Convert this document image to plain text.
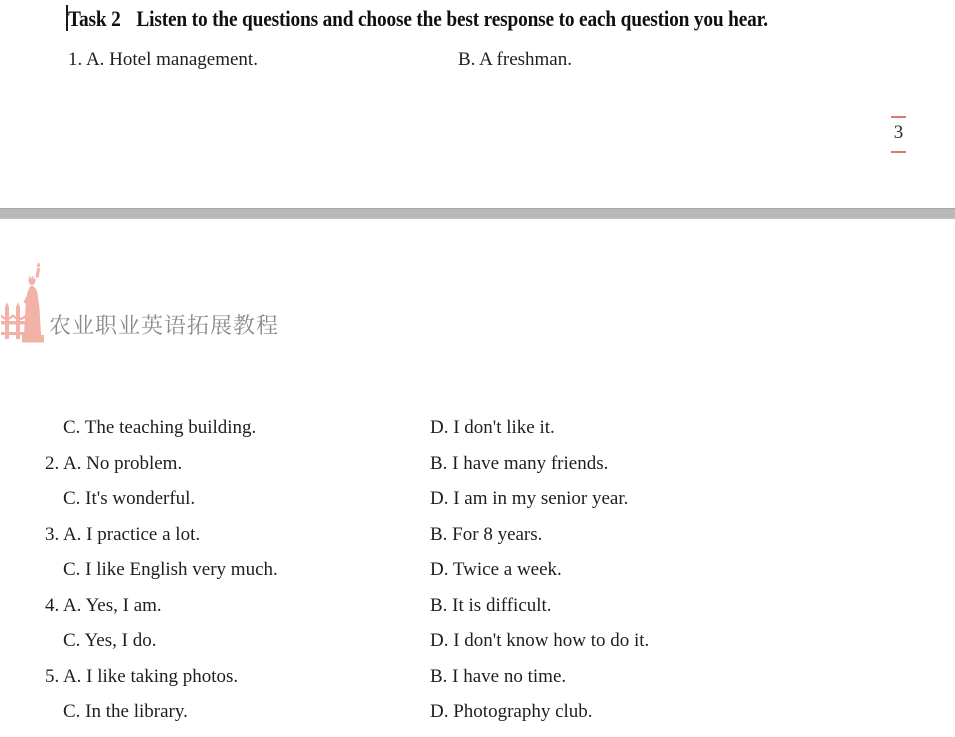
Task 2 Listen to the questions and choose the best response to each question you hear.
1. A. Hotel management.	B. A freshman.
3
农业职业英语拓展教程
C. The teaching building.	D. I don't like it.
2. A. No problem.	B. I have many friends.
C. It's wonderful.	D. I am in my senior year.
3. A. I practice a lot.	B. For 8 years.
C. I like English very much.	D. Twice a week.
4. A. Yes, I am.	B. It is difficult.
C. Yes, I do.	D. I don't know how to do it.
5. A. I like taking photos.	B. I have no time.
C. In the library.	D. Photography club.
